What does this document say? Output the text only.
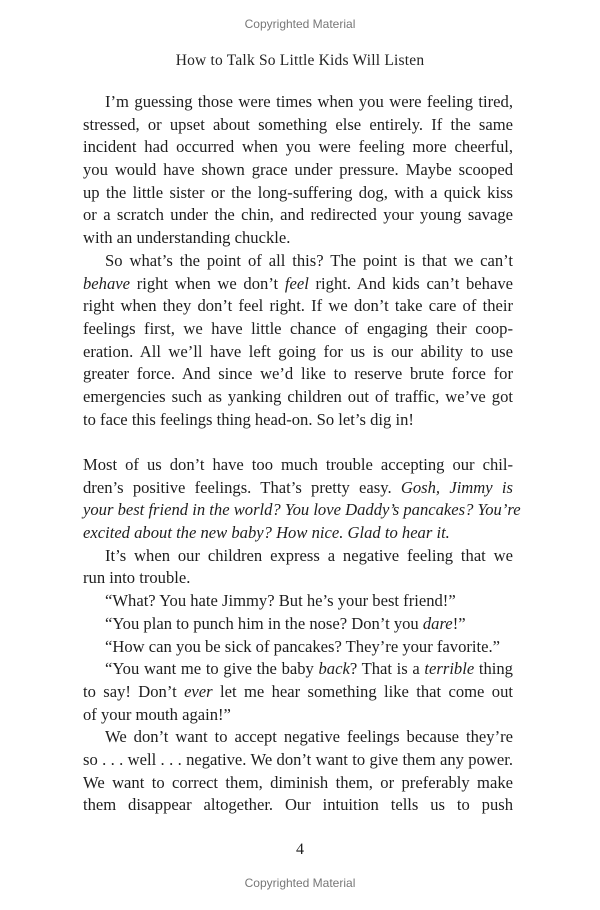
Copyrighted Material
How to Talk So Little Kids Will Listen
I’m guessing those were times when you were feeling tired,
stressed, or upset about something else entirely. If the same
incident had occurred when you were feeling more cheerful,
you would have shown grace under pressure. Maybe scooped
up the little sister or the long-suffering dog, with a quick kiss
or a scratch under the chin, and redirected your young savage
with an understanding chuckle.
So what’s the point of all this? The point is that we can’t
behave right when we don’t feel right. And kids can’t behave
right when they don’t feel right. If we don’t take care of their
feelings first, we have little chance of engaging their coop-
eration. All we’ll have left going for us is our ability to use
greater force. And since we’d like to reserve brute force for
emergencies such as yanking children out of traffic, we’ve got
to face this feelings thing head-on. So let’s dig in!
Most of us don’t have too much trouble accepting our chil-
dren’s positive feelings. That’s pretty easy. Gosh, Jimmy is
your best friend in the world? You love Daddy’s pancakes? You’re
excited about the new baby? How nice. Glad to hear it.
It’s when our children express a negative feeling that we
run into trouble.
“What? You hate Jimmy? But he’s your best friend!”
“You plan to punch him in the nose? Don’t you dare!”
“How can you be sick of pancakes? They’re your favorite.”
“You want me to give the baby back? That is a terrible thing
to say! Don’t ever let me hear something like that come out
of your mouth again!”
We don’t want to accept negative feelings because they’re
so . . . well . . . negative. We don’t want to give them any power.
We want to correct them, diminish them, or preferably make
them disappear altogether. Our intuition tells us to push
4
Copyrighted Material
